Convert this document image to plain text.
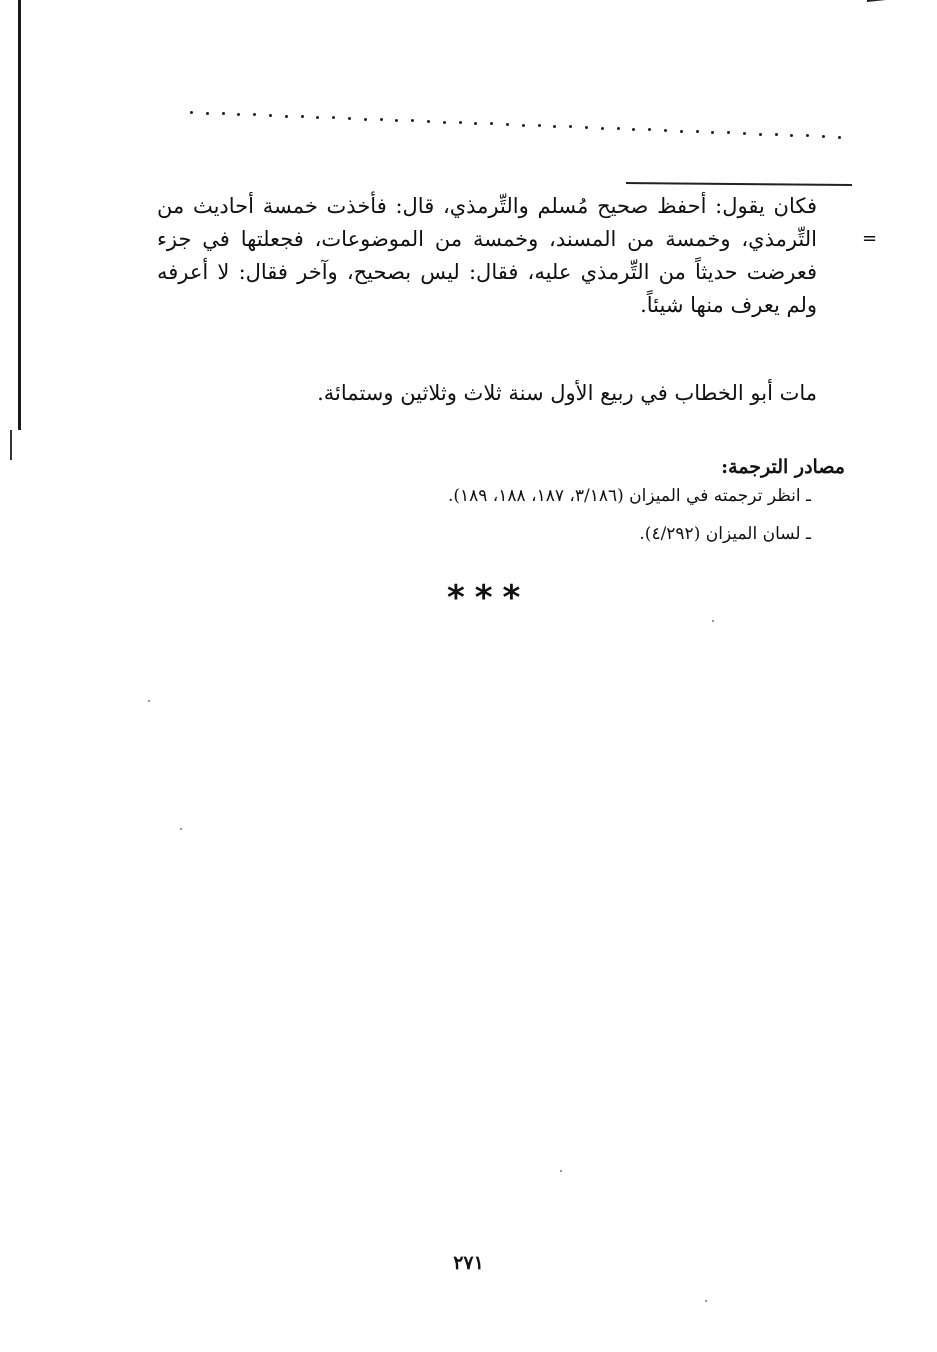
=
فكان يقول: أحفظ صحيح مُسلم والتِّرمذي، قال: فأخذت خمسة أحاديث من التِّرمذي، وخمسة من المسند، وخمسة من الموضوعات، فجعلتها في جزء فعرضت حديثاً من التِّرمذي عليه، فقال: ليس بصحيح، وآخر فقال: لا أعرفه ولم يعرف منها شيئاً.
مات أبو الخطاب في ربيع الأول سنة ثلاث وثلاثين وستمائة.
مصادر الترجمة:
ـ انظر ترجمته في الميزان (٣/١٨٦، ١٨٧، ١٨٨، ١٨٩).
ـ لسان الميزان (٤/٢٩٢).
***
٢٧١
